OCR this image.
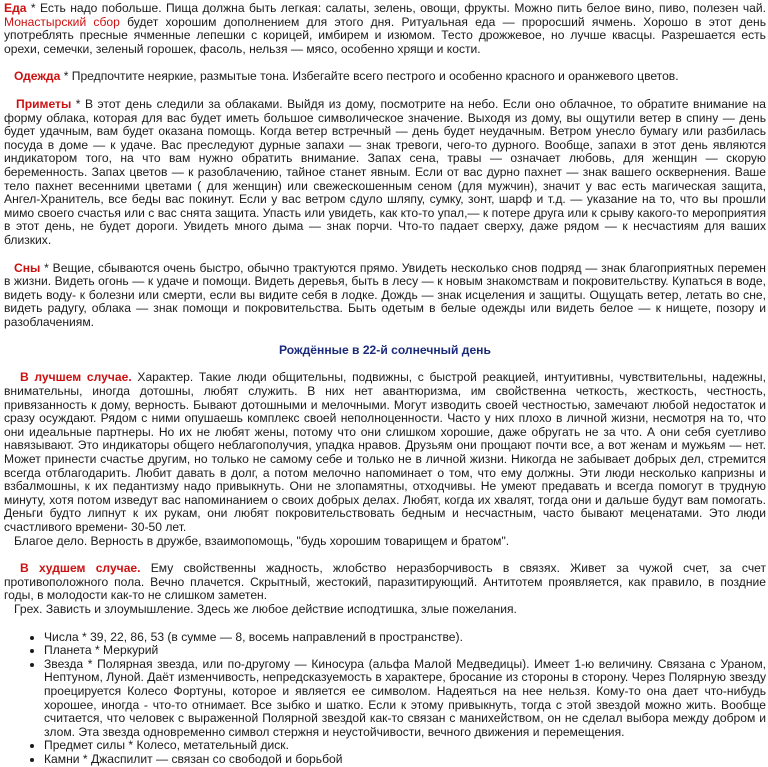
Еда * Есть надо побольше. Пища должна быть легкая: салаты, зелень, овощи, фрукты. Можно пить белое вино, пиво, полезен чай. Монастырский сбор будет хорошим дополнением для этого дня. Ритуальная еда — проросший ячмень. Хорошо в этот день употреблять пресные ячменные лепешки с корицей, имбирем и изюмом. Тесто дрожжевое, но лучше квасцы. Разрешается есть орехи, семечки, зеленый горошек, фасоль, нельзя — мясо, особенно хрящи и кости.

Одежда * Предпочтите неяркие, размытые тона. Избегайте всего пестрого и особенно красного и оранжевого цветов.

Приметы * В этот день следили за облаками. Выйдя из дому, посмотрите на небо. Если оно облачное, то обратите внимание на форму облака, которая для вас будет иметь большое символическое значение. Выходя из дому, вы ощутили ветер в спину — день будет удачным, вам будет оказана помощь. Когда ветер встречный — день будет неудачным. Ветром унесло бумагу или разбилась посуда в доме — к удаче. Вас преследуют дурные запахи — знак тревоги, чего-то дурного. Вообще, запахи в этот день являются индикатором того, на что вам нужно обратить внимание. Запах сена, травы — означает любовь, для женщин — скорую беременность. Запах цветов — к разоблачению, тайное станет явным. Если от вас дурно пахнет — знак вашего осквернения. Ваше тело пахнет весенними цветами ( для женщин) или свежескошенным сеном (для мужчин), значит у вас есть магическая защита, Ангел-Хранитель, все беды вас покинут. Если у вас ветром сдуло шляпу, сумку, зонт, шарф и т.д. — указание на то, что вы прошли мимо своего счастья или с вас снята защита. Упасть или увидеть, как кто-то упал,— к потере друга или к срыву какого-то мероприятия в этот день, не будет дороги. Увидеть много дыма — знак порчи. Что-то падает сверху, даже рядом — к несчастиям для ваших близких.

Сны * Вещие, сбываются очень быстро, обычно трактуются прямо. Увидеть несколько снов подряд — знак благоприятных перемен в жизни. Видеть огонь — к удаче и помощи. Видеть деревья, быть в лесу — к новым знакомствам и покровительству. Купаться в воде, видеть воду- к болезни или смерти, если вы видите себя в лодке. Дождь — знак исцеления и защиты. Ощущать ветер, летать во сне, видеть радугу, облака — знак помощи и покровительства. Быть одетым в белые одежды или видеть белое — к нищете, позору и разоблачениям.

Рождённые в 22-й солнечный день

В лучшем случае. Характер. Такие люди общительны, подвижны, с быстрой реакцией, интуитивны, чувствительны, надежны, внимательны, иногда дотошны, любят служить. В них нет авантюризма, им свойственна четкость, жесткость, честность, привязанность к дому, верность. Бывают дотошными и мелочными. Могут изводить своей честностью, замечают любой недостаток и сразу осуждают. Рядом с ними опушаешь комплекс своей неполноценности. Часто у них плохо в личной жизни, несмотря на то, что они идеальные партнеры. Но их не любят жены, потому что они слишком хорошие, даже обругать не за что. А они себя суетливо навязывают. Это индикаторы общего неблагополучия, упадка нравов. Друзьям они прощают почти все, а вот женам и мужьям — нет. Может принести счастье другим, но только не самому себе и только не в личной жизни. Никогда не забывает добрых дел, стремится всегда отблагодарить. Любит давать в долг, а потом мелочно напоминает о том, что ему должны. Эти люди несколько капризны и взбалмошны, к их педантизму надо привыкнуть. Они не злопамятны, отходчивы. Не умеют предавать и всегда помогут в трудную минуту, хотя потом изведут вас напоминанием о своих добрых делах. Любят, когда их хвалят, тогда они и дальше будут вам помогать. Деньги будто липнут к их рукам, они любят покровительствовать бедным и несчастным, часто бывают меценатами. Это люди счастливого времени- 30-50 лет.

Благое дело. Верность в дружбе, взаимопомощь, "будь хорошим товарищем и братом".

В худшем случае. Ему свойственны жадность, жлобство неразборчивость в связях. Живет за чужой счет, за счет противоположного пола. Вечно плачется. Скрытный, жестокий, паразитирующий. Антитотем проявляется, как правило, в поздние годы, в молодости как-то не слишком заметен.

Грех. Зависть и злоумышление. Здесь же любое действие исподтишка, злые пожелания.

• Числа * 39, 22, 86, 53 (в сумме — 8, восемь направлений в пространстве).
• Планета * Меркурий
• Звезда * Полярная звезда, или по-другому — Киносура (альфа Малой Медведицы). Имеет 1-ю величину. Связана с Ураном, Нептуном, Луной. Даёт изменчивость, непредсказуемость в характере, бросание из стороны в сторону. Через Полярную звезду проецируется Колесо Фортуны, которое и является ее символом. Надеяться на нее нельзя. Кому-то она дает что-нибудь хорошее, иногда - что-то отнимает. Все зыбко и шатко. Если к этому привыкнуть, тогда с этой звездой можно жить. Вообще считается, что человек с выраженной Полярной звездой как-то связан с манихейством, он не сделал выбора между добром и злом. Эта звезда одновременно символ стержня и неустойчивости, вечного движения и перемещения.
• Предмет силы * Колесо, метательный диск.
• Камни * Джаспилит — связан со свободой и борьбой
